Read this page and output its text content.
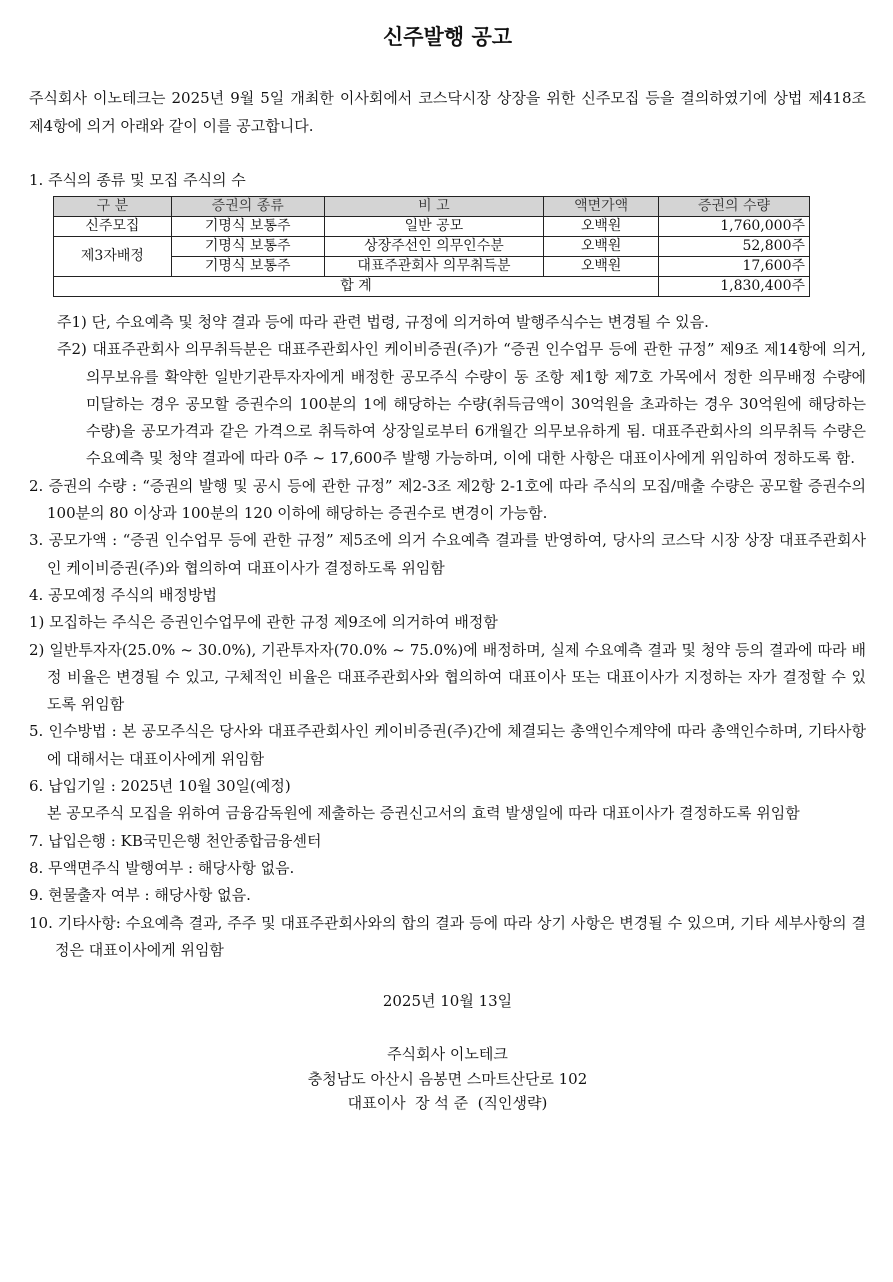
신주발행 공고

주식회사 이노테크는 2025년 9월 5일 개최한 이사회에서 코스닥시장 상장을 위한 신주모집 등을 결의하였기에 상법 제418조 제4항에 의거 아래와 같이 이를 공고합니다.

1. 주식의 종류 및 모집 주식의 수
구 분	증권의 종류	비 고	액면가액	증권의 수량
신주모집	기명식 보통주	일반 공모	오백원	1,760,000주
제3자배정	기명식 보통주	상장주선인 의무인수분	오백원	52,800주
	기명식 보통주	대표주관회사 의무취득분	오백원	17,600주
합 계				1,830,400주
주1) 단, 수요예측 및 청약 결과 등에 따라 관련 법령, 규정에 의거하여 발행주식수는 변경될 수 있음.
주2) 대표주관회사 의무취득분은 대표주관회사인 케이비증권(주)가 “증권 인수업무 등에 관한 규정” 제9조 제14항에 의거, 의무보유를 확약한 일반기관투자자에게 배정한 공모주식 수량이 동 조항 제1항 제7호 가목에서 정한 의무배정 수량에 미달하는 경우 공모할 증권수의 100분의 1에 해당하는 수량(취득금액이 30억원을 초과하는 경우 30억원에 해당하는 수량)을 공모가격과 같은 가격으로 취득하여 상장일로부터 6개월간 의무보유하게 됨. 대표주관회사의 의무취득 수량은 수요예측 및 청약 결과에 따라 0주 ~ 17,600주 발행 가능하며, 이에 대한 사항은 대표이사에게 위임하여 정하도록 함.
2. 증권의 수량 : “증권의 발행 및 공시 등에 관한 규정” 제2-3조 제2항 2-1호에 따라 주식의 모집/매출 수량은 공모할 증권수의 100분의 80 이상과 100분의 120 이하에 해당하는 증권수로 변경이 가능함.
3. 공모가액 : “증권 인수업무 등에 관한 규정” 제5조에 의거 수요예측 결과를 반영하여, 당사의 코스닥 시장 상장 대표주관회사인 케이비증권(주)와 협의하여 대표이사가 결정하도록 위임함
4. 공모예정 주식의 배정방법
1) 모집하는 주식은 증권인수업무에 관한 규정 제9조에 의거하여 배정함
2) 일반투자자(25.0% ~ 30.0%), 기관투자자(70.0% ~ 75.0%)에 배정하며, 실제 수요예측 결과 및 청약 등의 결과에 따라 배정 비율은 변경될 수 있고, 구체적인 비율은 대표주관회사와 협의하여 대표이사 또는 대표이사가 지정하는 자가 결정할 수 있도록 위임함
5. 인수방법 : 본 공모주식은 당사와 대표주관회사인 케이비증권(주)간에 체결되는 총액인수계약에 따라 총액인수하며, 기타사항에 대해서는 대표이사에게 위임함
6. 납입기일 : 2025년 10월 30일(예정)
본 공모주식 모집을 위하여 금융감독원에 제출하는 증권신고서의 효력 발생일에 따라 대표이사가 결정하도록 위임함
7. 납입은행 : KB국민은행 천안종합금융센터
8. 무액면주식 발행여부 : 해당사항 없음.
9. 현물출자 여부 : 해당사항 없음.
10. 기타사항: 수요예측 결과, 주주 및 대표주관회사와의 합의 결과 등에 따라 상기 사항은 변경될 수 있으며, 기타 세부사항의 결정은 대표이사에게 위임함
2025년 10월 13일
주식회사 이노테크
충청남도 아산시 음봉면 스마트산단로 102
대표이사  장 석 준  (직인생략)
